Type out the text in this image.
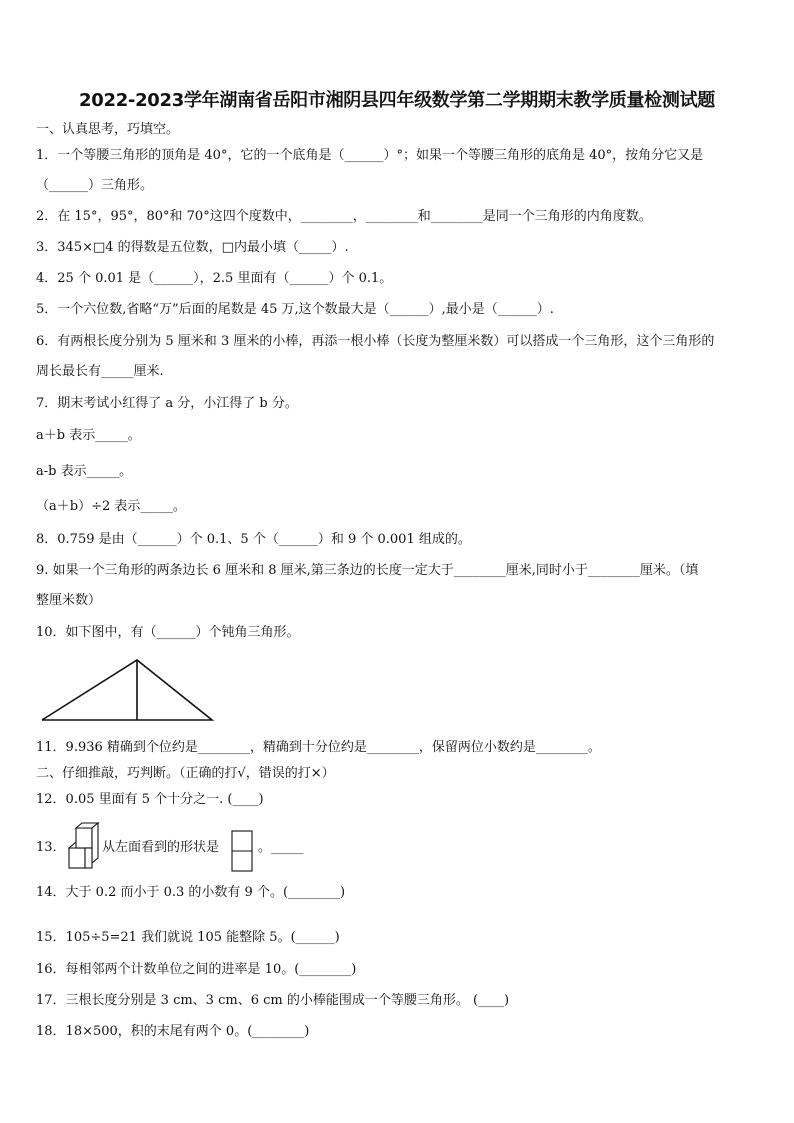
2022-2023学年湖南省岳阳市湘阴县四年级数学第二学期期末教学质量检测试题
一、认真思考，巧填空。
1．一个等腰三角形的顶角是 40°，它的一个底角是（______）°；如果一个等腰三角形的底角是 40°，按角分它又是
（______）三角形。
2．在 15°，95°，80°和 70°这四个度数中，________，________和________是同一个三角形的内角度数。
3．345×□4 的得数是五位数，□内最小填（_____）.
4．25 个 0.01 是（______），2.5 里面有（______）个 0.1。
5．一个六位数,省略“万”后面的尾数是 45 万,这个数最大是（______）,最小是（______）.
6．有两根长度分别为 5 厘米和 3 厘米的小棒，再添一根小棒（长度为整厘米数）可以搭成一个三角形，这个三角形的
周长最长有_____厘米.
7．期末考试小红得了 a 分，小江得了 b 分。
a＋b 表示_____。
a-b 表示_____。
（a＋b）÷2 表示_____。
8．0.759 是由（______）个 0.1、5 个（______）和 9 个 0.001 组成的。
9. 如果一个三角形的两条边长 6 厘米和 8 厘米,第三条边的长度一定大于________厘米,同时小于________厘米。（填
整厘米数）
10．如下图中，有（______）个钝角三角形。
11．9.936 精确到个位约是________，精确到十分位约是________，保留两位小数约是________。
二、仔细推敲，巧判断。（正确的打√，错误的打×）
12．0.05 里面有 5 个十分之一. (____)
13．	从左面看到的形状是	。_____
14．大于 0.2 而小于 0.3 的小数有 9 个。(________)
15．105÷5=21 我们就说 105 能整除 5。(______)
16．每相邻两个计数单位之间的进率是 10。(________)
17．三根长度分别是 3 cm、3 cm、6 cm 的小棒能围成一个等腰三角形。 (____)
18．18×500，积的末尾有两个 0。(________)
